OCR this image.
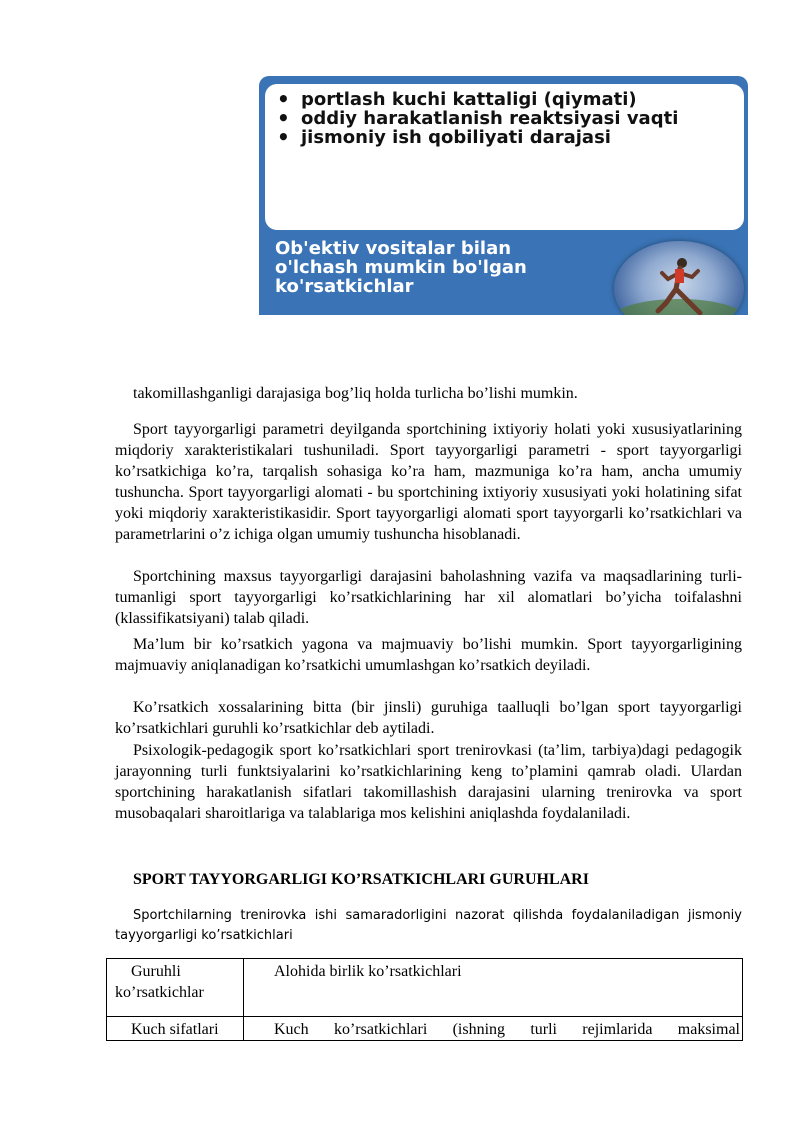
• portlash kuchi kattaligi (qiymati)
• oddiy harakatlanish reaktsiyasi vaqti
• jismoniy ish qobiliyati darajasi
Ob'ektiv vositalar bilan o'lchash mumkin bo'lgan ko'rsatkichlar
takomillashganligi darajasiga bog’liq holda turlicha bo’lishi mumkin.
Sport tayyorgarligi parametri deyilganda sportchining ixtiyoriy holati yoki xususiyatlarining miqdoriy xarakteristikalari tushuniladi. Sport tayyorgarligi parametri - sport tayyorgarligi ko’rsatkichiga ko’ra, tarqalish sohasiga ko’ra ham, mazmuniga ko’ra ham, ancha umumiy tushuncha. Sport tayyorgarligi alomati - bu sportchining ixtiyoriy xususiyati yoki holatining sifat yoki miqdoriy xarakteristikasidir. Sport tayyorgarligi alomati sport tayyorgarli ko’rsatkichlari va parametrlarini o’z ichiga olgan umumiy tushuncha hisoblanadi.
Sportchining maxsus tayyorgarligi darajasini baholashning vazifa va maqsadlarining turli-tumanligi sport tayyorgarligi ko’rsatkichlarining har xil alomatlari bo’yicha toifalashni (klassifikatsiyani) talab qiladi.
Ma’lum bir ko’rsatkich yagona va majmuaviy bo’lishi mumkin. Sport tayyorgarligining majmuaviy aniqlanadigan ko’rsatkichi umumlashgan ko’rsatkich deyiladi.
Ko’rsatkich xossalarining bitta (bir jinsli) guruhiga taalluqli bo’lgan sport tayyorgarligi ko’rsatkichlari guruhli ko’rsatkichlar deb aytiladi.
Psixologik-pedagogik sport ko’rsatkichlari sport trenirovkasi (ta’lim, tarbiya)dagi pedagogik jarayonning turli funktsiyalarini ko’rsatkichlarining keng to’plamini qamrab oladi. Ulardan sportchining harakatlanish sifatlari takomillashish darajasini ularning trenirovka va sport musobaqalari sharoitlariga va talablariga mos kelishini aniqlashda foydalaniladi.
SPORT TAYYORGARLIGI KO’RSATKICHLARI GURUHLARI
Sportchilarning trenirovka ishi samaradorligini nazorat qilishda foydalaniladigan jismoniy tayyorgarligi ko’rsatkichlari
Guruhli ko’rsatkichlar	Alohida birlik ko’rsatkichlari

Kuch sifatlari	Kuch ko’rsatkichlari (ishning turli rejimlarida maksimal
